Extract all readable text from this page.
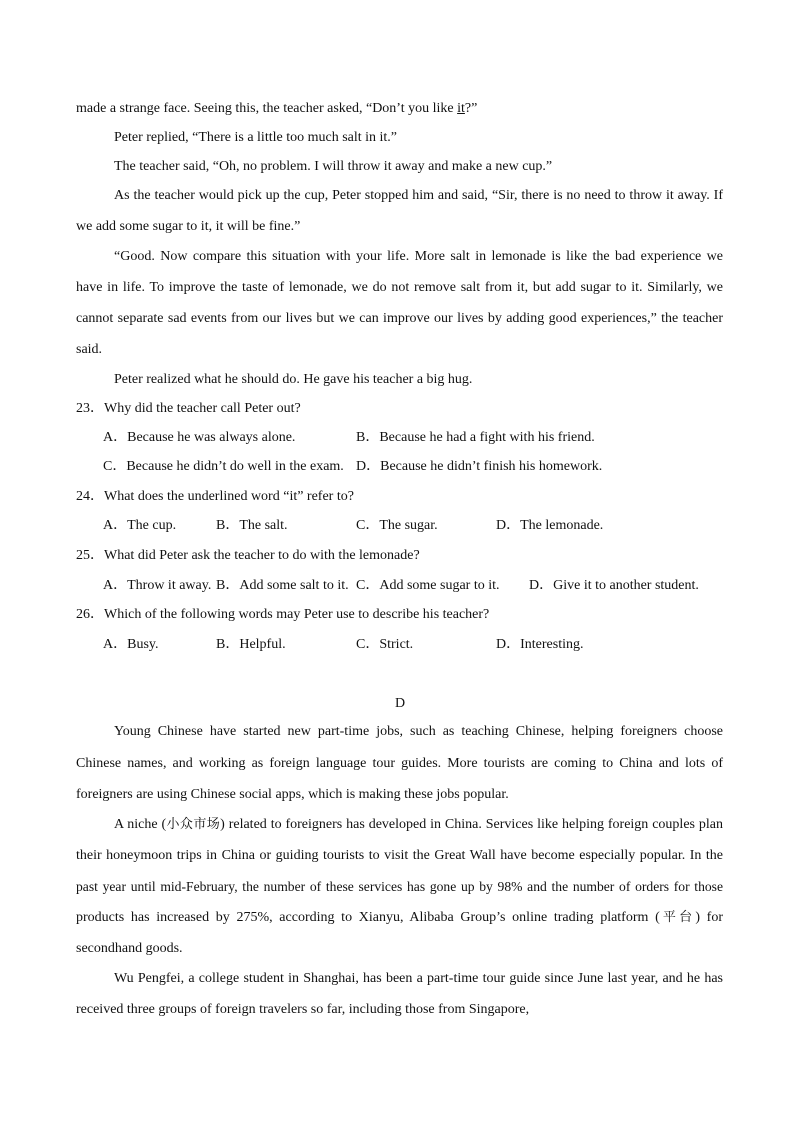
made a strange face. Seeing this, the teacher asked, “Don’t you like it?”
Peter replied, “There is a little too much salt in it.”
The teacher said, “Oh, no problem. I will throw it away and make a new cup.”
As the teacher would pick up the cup, Peter stopped him and said, “Sir, there is no need to throw it away. If
we add some sugar to it, it will be fine.”
“Good. Now compare this situation with your life. More salt in lemonade is like the bad experience we
have in life. To improve the taste of lemonade, we do not remove salt from it, but add sugar to it. Similarly, we
cannot separate sad events from our lives but we can improve our lives by adding good experiences,” the teacher
said.
Peter realized what he should do. He gave his teacher a big hug.
23．Why did the teacher call Peter out?
A．Because he was always alone.	B．Because he had a fight with his friend.
C．Because he didn’t do well in the exam. D．Because he didn’t finish his homework.
24．What does the underlined word “it” refer to?
A．The cup.	B．The salt.	C．The sugar.	D．The lemonade.
25．What did Peter ask the teacher to do with the lemonade?
A．Throw it away. B．Add some salt to it. C．Add some sugar to it. D．Give it to another student.
26．Which of the following words may Peter use to describe his teacher?
A．Busy.	B．Helpful.	C．Strict.	D．Interesting.
D
Young Chinese have started new part-time jobs, such as teaching Chinese, helping foreigners choose
Chinese names, and working as foreign language tour guides. More tourists are coming to China and lots of
foreigners are using Chinese social apps, which is making these jobs popular.
A niche (小众市场) related to foreigners has developed in China. Services like helping foreign couples plan
their honeymoon trips in China or guiding tourists to visit the Great Wall have become especially popular. In the
past year until mid-February, the number of these services has gone up by 98% and the number of orders for those
products has increased by 275%, according to Xianyu, Alibaba Group’s online trading platform (平台) for
secondhand goods.
Wu Pengfei, a college student in Shanghai, has been a part-time tour guide since June last year, and he has
received three groups of foreign travelers so far, including those from Singapore,
